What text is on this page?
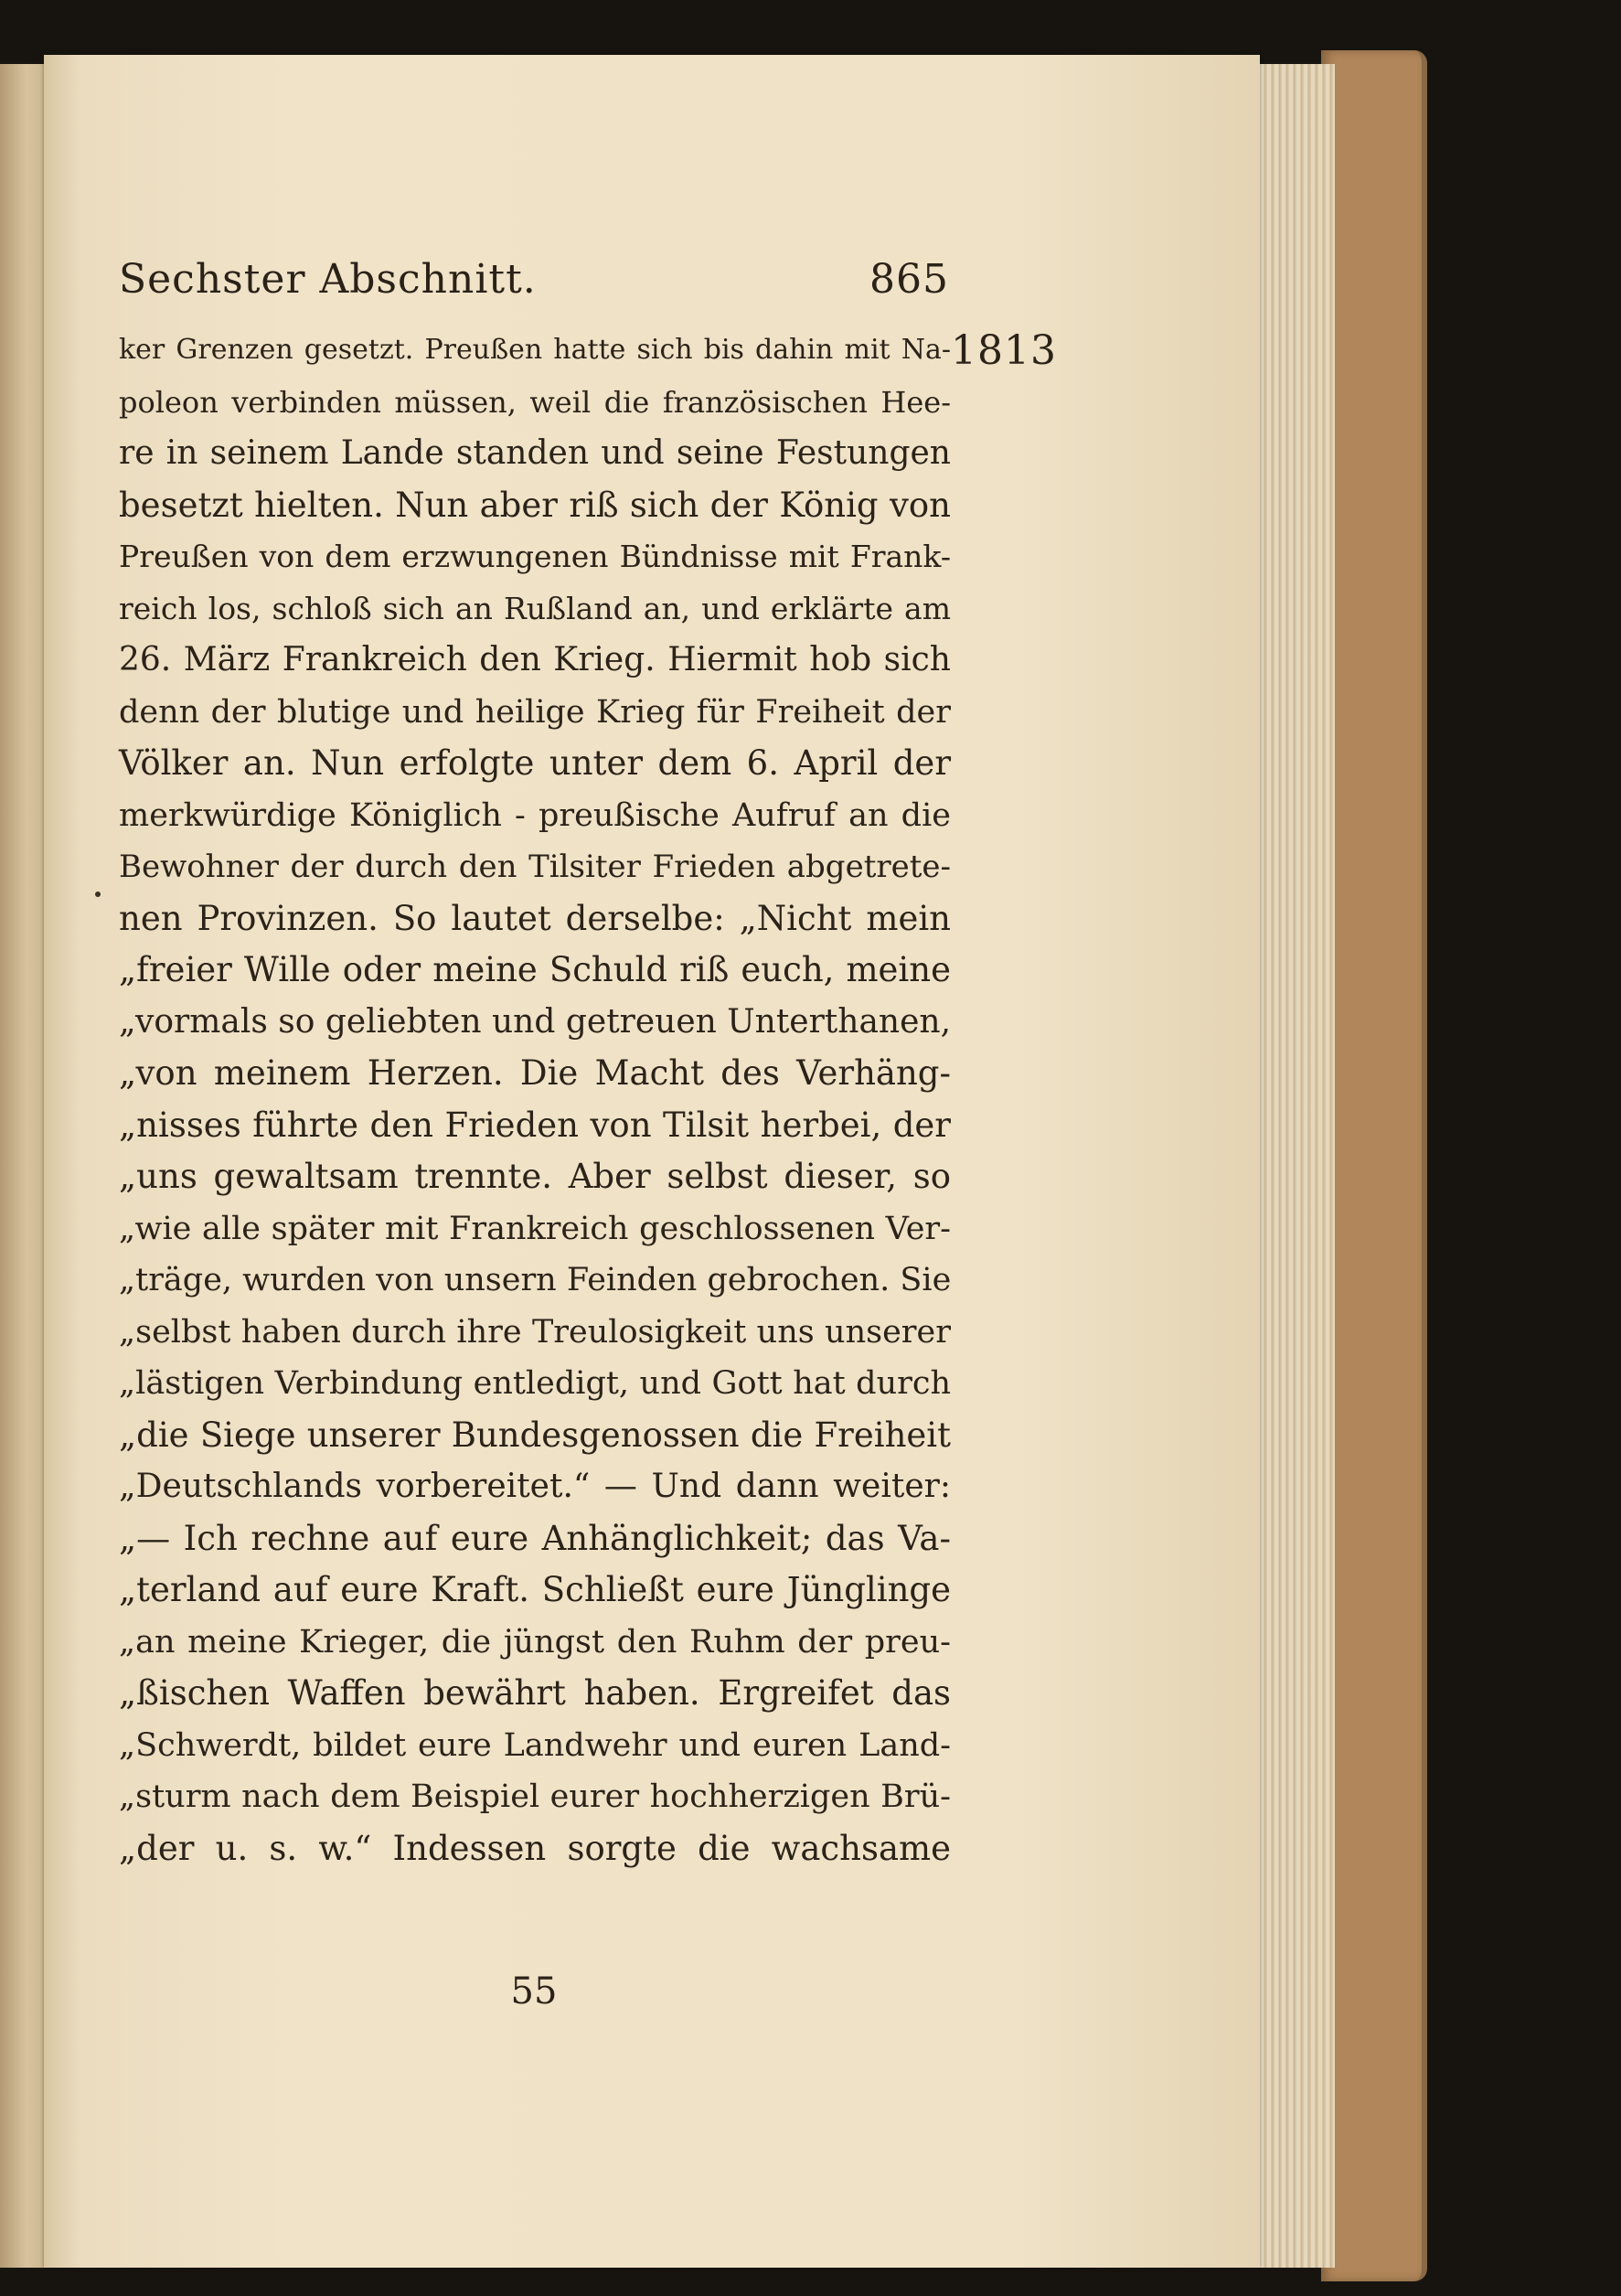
Sechster Abschnitt.	865
1813
ker Grenzen gesetzt. Preußen hatte sich bis dahin mit Na-
poleon verbinden müssen, weil die französischen Hee-
re in seinem Lande standen und seine Festungen
besetzt hielten. Nun aber riß sich der König von
Preußen von dem erzwungenen Bündnisse mit Frank-
reich los, schloß sich an Rußland an, und erklärte am
26. März Frankreich den Krieg. Hiermit hob sich
denn der blutige und heilige Krieg für Freiheit der
Völker an. Nun erfolgte unter dem 6. April der
merkwürdige Königlich - preußische Aufruf an die
Bewohner der durch den Tilsiter Frieden abgetrete-
nen Provinzen. So lautet derselbe: „Nicht mein
„freier Wille oder meine Schuld riß euch, meine
„vormals so geliebten und getreuen Unterthanen,
„von meinem Herzen. Die Macht des Verhäng-
„nisses führte den Frieden von Tilsit herbei, der
„uns gewaltsam trennte. Aber selbst dieser, so
„wie alle später mit Frankreich geschlossenen Ver-
„träge, wurden von unsern Feinden gebrochen. Sie
„selbst haben durch ihre Treulosigkeit uns unserer
„lästigen Verbindung entledigt, und Gott hat durch
„die Siege unserer Bundesgenossen die Freiheit
„Deutschlands vorbereitet.“ — Und dann weiter:
„— Ich rechne auf eure Anhänglichkeit; das Va-
„terland auf eure Kraft. Schließt eure Jünglinge
„an meine Krieger, die jüngst den Ruhm der preu-
„ßischen Waffen bewährt haben. Ergreifet das
„Schwerdt, bildet eure Landwehr und euren Land-
„sturm nach dem Beispiel eurer hochherzigen Brü-
„der u. s. w.“ Indessen sorgte die wachsame
55
